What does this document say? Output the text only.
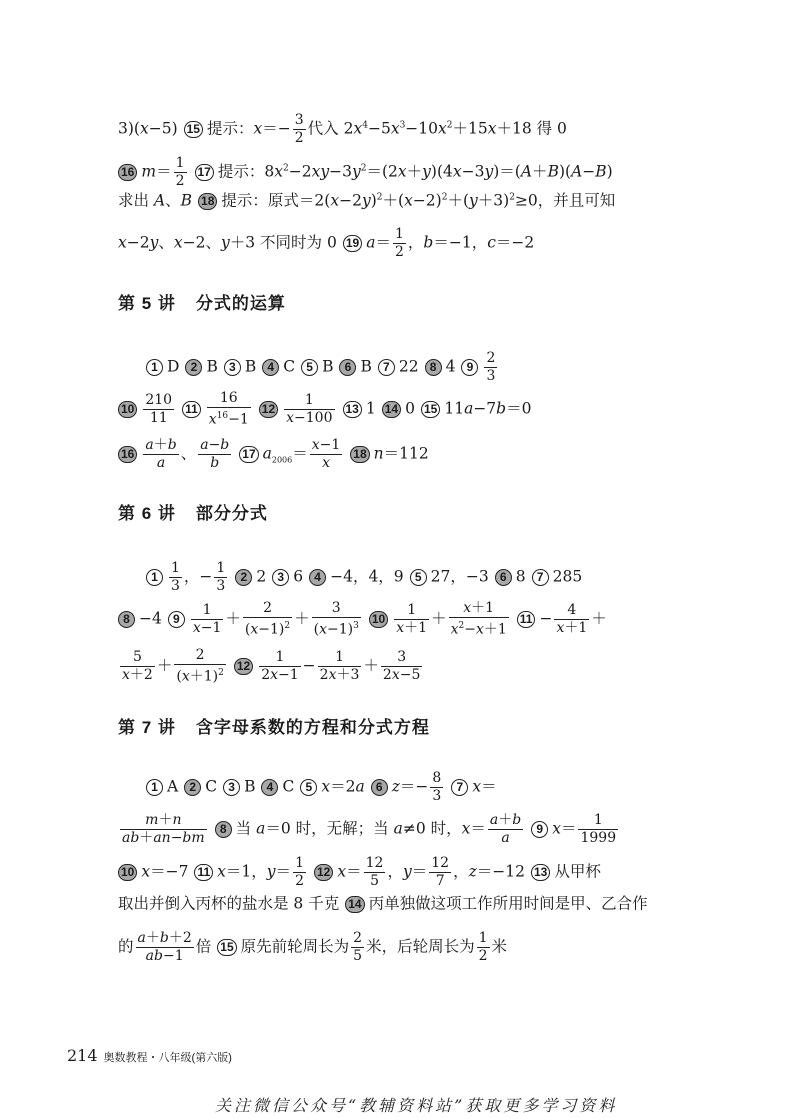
3)(x−5) 15 提示：$x=- \frac{3}{2}$ 代入 $2x^4-5x^3-10x^2+15x+18$ 得 0
16 $m= \frac{1}{2} 17$ 提示：$8x^2-2xy-3y^2=(2x+y)(4x-3y)=(A+B)(A-B)$
求出 A、B 18 提示：原式$=2(x-2y)^2+(x-2)^2+(y+3)^2\ge 0$，并且可知
x−2y、x−2、y＋3 不同时为 0 19 $a= \frac{1}{2}$ ，b＝−1，c＝−2
第 5 讲 分式的运算
1 D 2 B 3 B 4 C 5 B 6 B 7 22 8 4 $9 \frac{2}{3}$
$10 \frac{210}{11} 11 \frac{16}{x^{16}-1} 12 \frac{1}{x-100} 13$ 1 14 0 15 11a−7b＝0
$16 \frac{a+b}{a}$ 、 $\frac{a-b}{b} 17$ $a_{2006}= \frac{x-1}{x} 18$ n＝112
第 6 讲 部分分式
$1 \frac{1}{3}$ ，− $\frac{1}{3} 2$ 2 3 6 4 −4，4，9 5 27，−3 6 8 7 285
8 −4 $9 \frac{1}{x-1} + \frac{2}{(x-1)^2} + \frac{3}{(x-1)^3} 10 \frac{1}{x+1} + \frac{x+1}{x^2-x+1} 11 - \frac{4}{x+1}$ ＋
$\frac{5}{x+2} + \frac{2}{(x+1)^2} 12 \frac{1}{2x-1} - \frac{1}{2x+3} + \frac{3}{2x-5}$
第 7 讲 含字母系数的方程和分式方程
1 A 2 C 3 B 4 C 5 x＝2a 6 $z=- \frac{8}{3} 7$ x＝
$\frac{m+n}{ab+an-bm} 8$ 当 a＝0 时，无解；当 a≠0 时，$x= \frac{a+b}{a} 9$ $x= \frac{1}{1999}$
10 x＝−7 11 x＝1，$y= \frac{1}{2} 12$ $x= \frac{12}{5}$ ，$y= \frac{12}{7}$ ，z＝−12 13 从甲杯
取出并倒入丙杯的盐水是 8 千克 14 丙单独做这项工作所用时间是甲、乙合作
的 $\frac{a+b+2}{ab-1}$ 倍 15 原先前轮周长为 $\frac{2}{5}$ 米，后轮周长为 $\frac{1}{2}$ 米
214 奥数教程・八年级(第六版)
关注微信公众号“教辅资料站”获取更多学习资料
